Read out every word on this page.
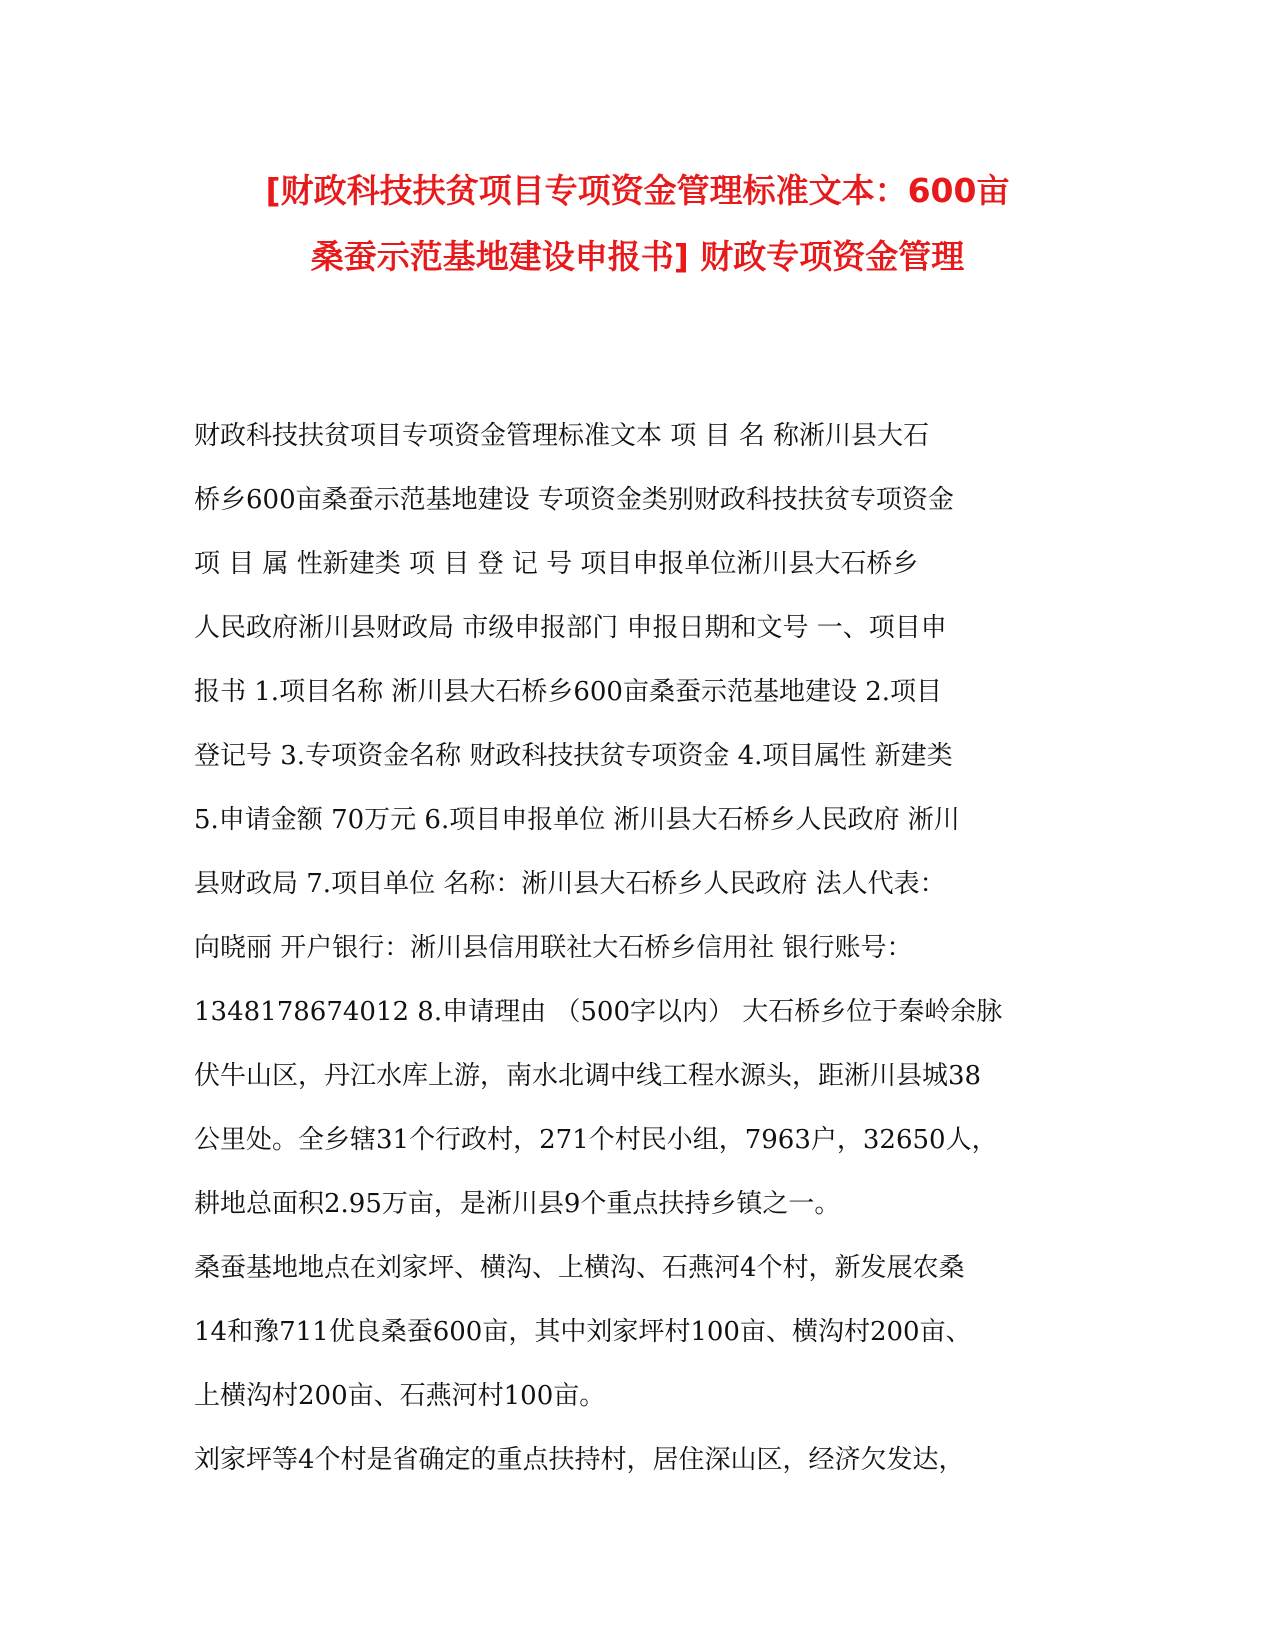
[财政科技扶贫项目专项资金管理标准文本：600亩
桑蚕示范基地建设申报书] 财政专项资金管理
财政科技扶贫项目专项资金管理标准文本 项 目 名 称淅川县大石
桥乡600亩桑蚕示范基地建设 专项资金类别财政科技扶贫专项资金
项 目 属 性新建类 项 目 登 记 号 项目申报单位淅川县大石桥乡
人民政府淅川县财政局 市级申报部门 申报日期和文号 一、项目申
报书 1.项目名称 淅川县大石桥乡600亩桑蚕示范基地建设 2.项目
登记号 3.专项资金名称 财政科技扶贫专项资金 4.项目属性 新建类
5.申请金额 70万元 6.项目申报单位 淅川县大石桥乡人民政府 淅川
县财政局 7.项目单位 名称：淅川县大石桥乡人民政府 法人代表：
向晓丽 开户银行：淅川县信用联社大石桥乡信用社 银行账号：
1348178674012 8.申请理由 （500字以内） 大石桥乡位于秦岭余脉
伏牛山区，丹江水库上游，南水北调中线工程水源头，距淅川县城38
公里处。全乡辖31个行政村，271个村民小组，7963户，32650人，
耕地总面积2.95万亩，是淅川县9个重点扶持乡镇之一。
桑蚕基地地点在刘家坪、横沟、上横沟、石燕河4个村，新发展农桑
14和豫711优良桑蚕600亩，其中刘家坪村100亩、横沟村200亩、
上横沟村200亩、石燕河村100亩。
刘家坪等4个村是省确定的重点扶持村，居住深山区，经济欠发达，
